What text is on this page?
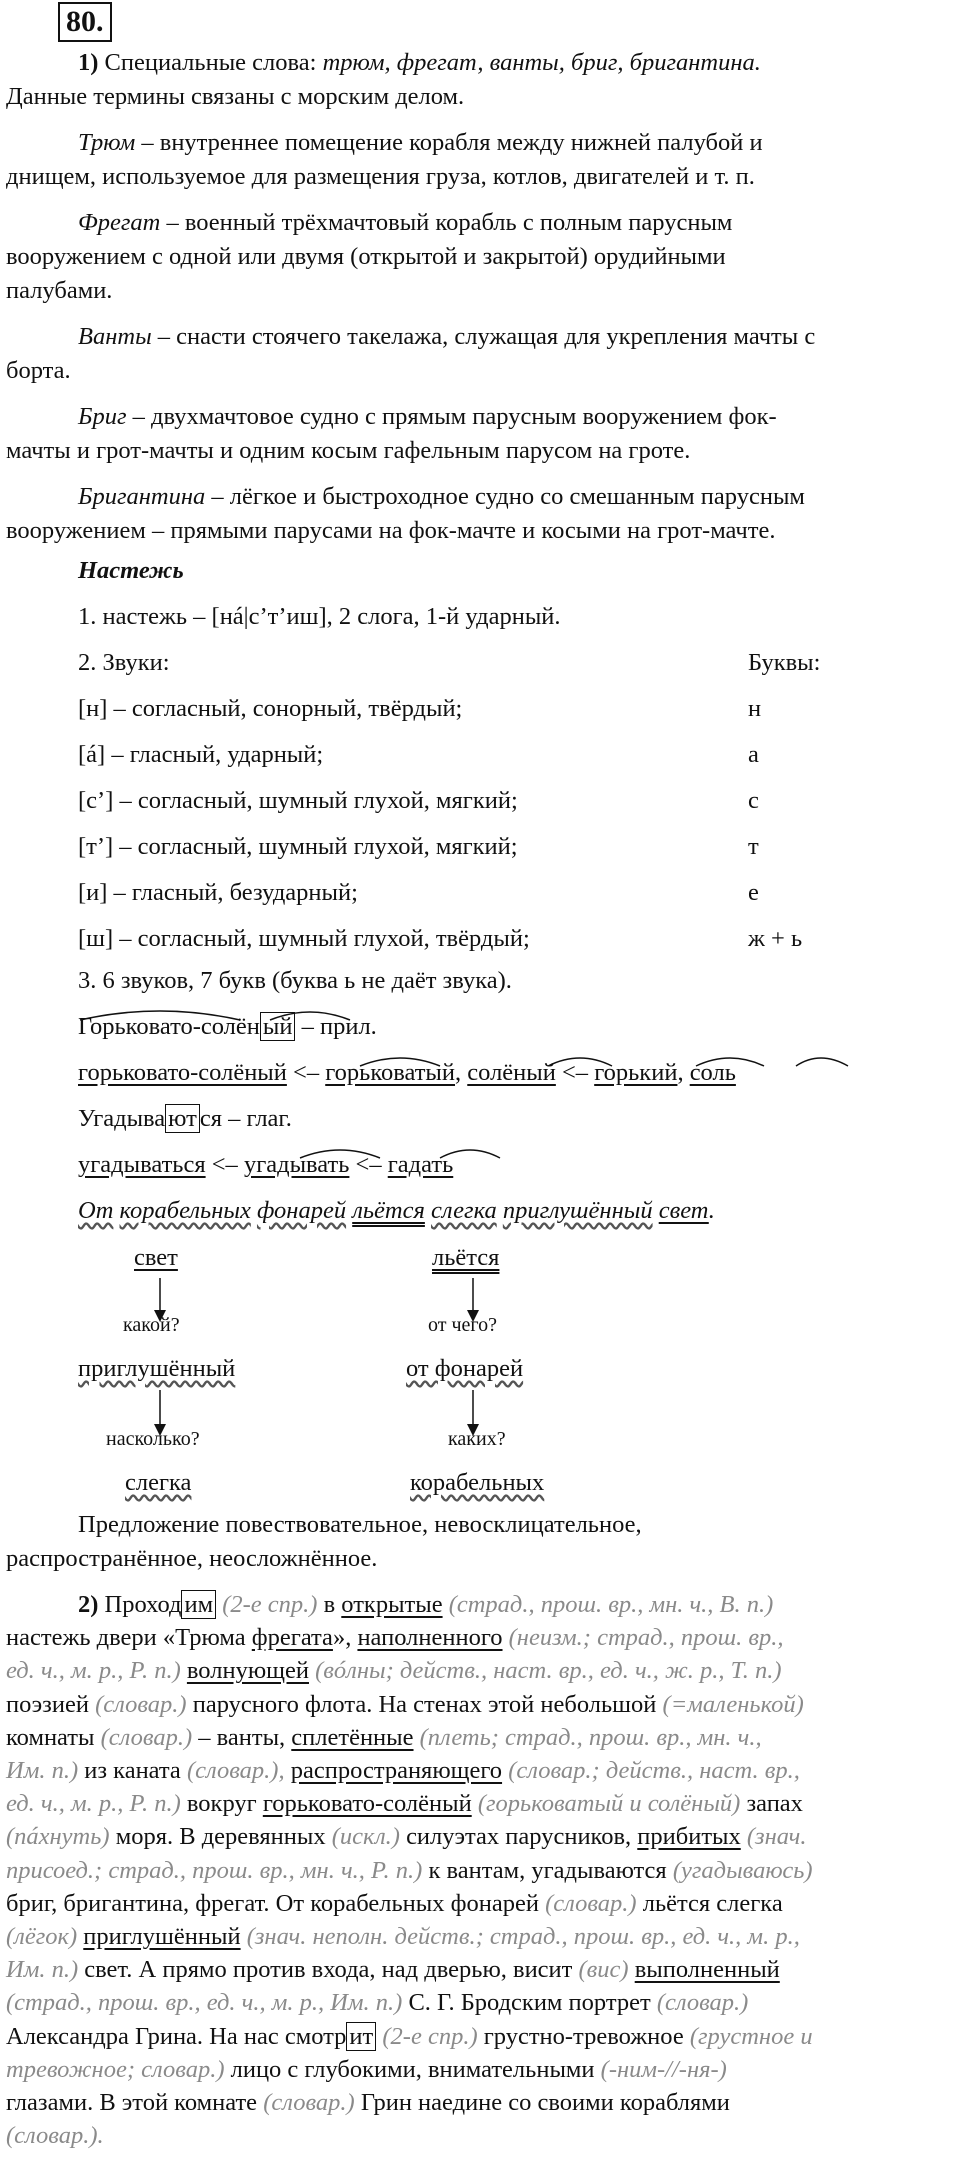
80.
1) Специальные слова: трюм, фрегат, ванты, бриг, бригантина.
Данные термины связаны с морским делом.
Трюм – внутреннее помещение корабля между нижней палубой и
днищем, используемое для размещения груза, котлов, двигателей и т. п.
Фрегат – военный трёхмачтовый корабль с полным парусным
вооружением с одной или двумя (открытой и закрытой) орудийными
палубами.
Ванты – снасти стоячего такелажа, служащая для укрепления мачты с
борта.
Бриг – двухмачтовое судно с прямым парусным вооружением фок-
мачты и грот-мачты и одним косым гафельным парусом на гроте.
Бригантина – лёгкое и быстроходное судно со смешанным парусным
вооружением – прямыми парусами на фок-мачте и косыми на грот-мачте.
Настежь
1. настежь – [нá|с’т’иш], 2 слога, 1-й ударный.
2. Звуки:	Буквы:
[н] – согласный, сонорный, твёрдый;	н
[á] – гласный, ударный;	а
[с’] – согласный, шумный глухой, мягкий;	с
[т’] – согласный, шумный глухой, мягкий;	т
[и] – гласный, безударный;	е
[ш] – согласный, шумный глухой, твёрдый;	ж + ь
3. 6 звуков, 7 букв (буква ь не даёт звука).
Горьковато-солён ый – прил.
горьковато-солёный <– горьковатый, солёный <– горький, соль
Угадыва ют ся – глаг.
угадываться <– угадывать <– гадать
От корабельных фонарей льётся слегка приглушённый свет.
свет
какой?
приглушённый
насколько?
слегка
льётся
от чего?
от фонарей
каких?
корабельных
Предложение повествовательное, невосклицательное,
распространённое, неосложнённое.
2) Проход им (2-е спр.) в открытые (страд., прош. вр., мн. ч., В. п.)
настежь двери «Трюма фрегата», наполненного (неизм.; страд., прош. вр.,
ед. ч., м. р., Р. п.) волнующей (вóлны; действ., наст. вр., ед. ч., ж. р., Т. п.)
поэзией (словар.) парусного флота. На стенах этой небольшой (=маленькой)
комнаты (словар.) – ванты, сплетённые (плеть; страд., прош. вр., мн. ч.,
Им. п.) из каната (словар.), распространяющего (словар.; действ., наст. вр.,
ед. ч., м. р., Р. п.) вокруг горьковато-солёный (горьковатый и солёный) запах
(пáхнуть) моря. В деревянных (искл.) силуэтах парусников, прибитых (знач.
присоед.; страд., прош. вр., мн. ч., Р. п.) к вантам, угадываются (угадываюсь)
бриг, бригантина, фрегат. От корабельных фонарей (словар.) льётся слегка
(лёгок) приглушённый (знач. неполн. действ.; страд., прош. вр., ед. ч., м. р.,
Им. п.) свет. А прямо против входа, над дверью, висит (вис) выполненный
(страд., прош. вр., ед. ч., м. р., Им. п.) С. Г. Бродским портрет (словар.)
Александра Грина. На нас смотр ит (2-е спр.) грустно-тревожное (грустное и
тревожное; словар.) лицо с глубокими, внимательными (-ним-//-ня-)
глазами. В этой комнате (словар.) Грин наедине со своими кораблями
(словар.).
